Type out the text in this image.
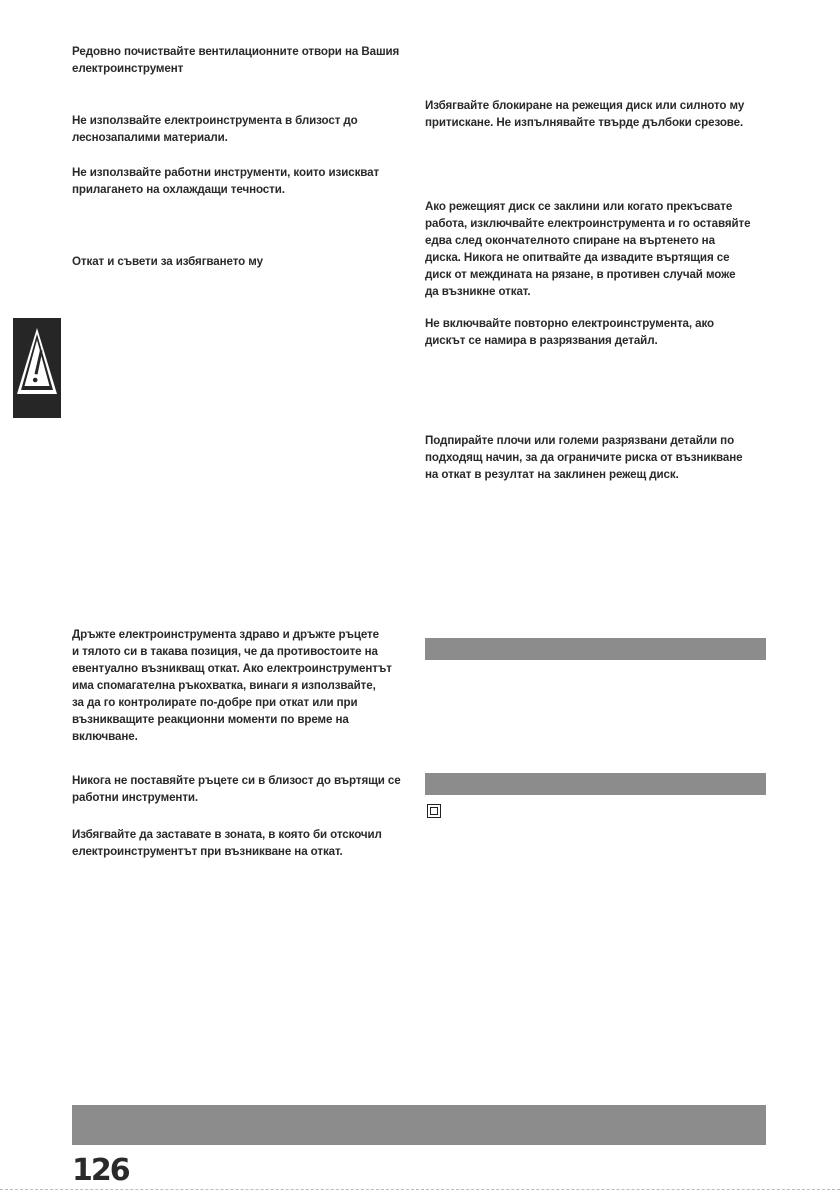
Редовно почиствайте вентилационните отвори на Вашия
електроинструмент

Не използвайте електроинструмента в близост до
леснозапалими материали.

Не използвайте работни инструменти, които изискват
прилагането на охлаждащи течности.

Откат и съвети за избягването му

Дръжте електроинструмента здраво и дръжте ръцете
и тялото си в такава позиция, че да противостоите на
евентуално възникващ откат. Ако електроинструментът
има спомагателна ръкохватка, винаги я използвайте,
за да го контролирате по-добре при откат или при
възникващите реакционни моменти по време на
включване.

Никога не поставяйте ръцете си в близост до въртящи се
работни инструменти.

Избягвайте да заставате в зоната, в която би отскочил
електроинструментът при възникване на откат.

Избягвайте блокиране на режещия диск или силното му
притискане. Не изпълнявайте твърде дълбоки срезове.

Ако режещият диск се заклини или когато прекъсвате
работа, изключвайте електроинструмента и го оставяйте
едва след окончателното спиране на въртенето на
диска. Никога не опитвайте да извадите въртящия се
диск от междината на рязане, в противен случай може
да възникне откат.

Не включвайте повторно електроинструмента, ако
дискът се намира в разрязвания детайл.

Подпирайте плочи или големи разрязвани детайли по
подходящ начин, за да ограничите риска от възникване
на откат в резултат на заклинен режещ диск.

126
